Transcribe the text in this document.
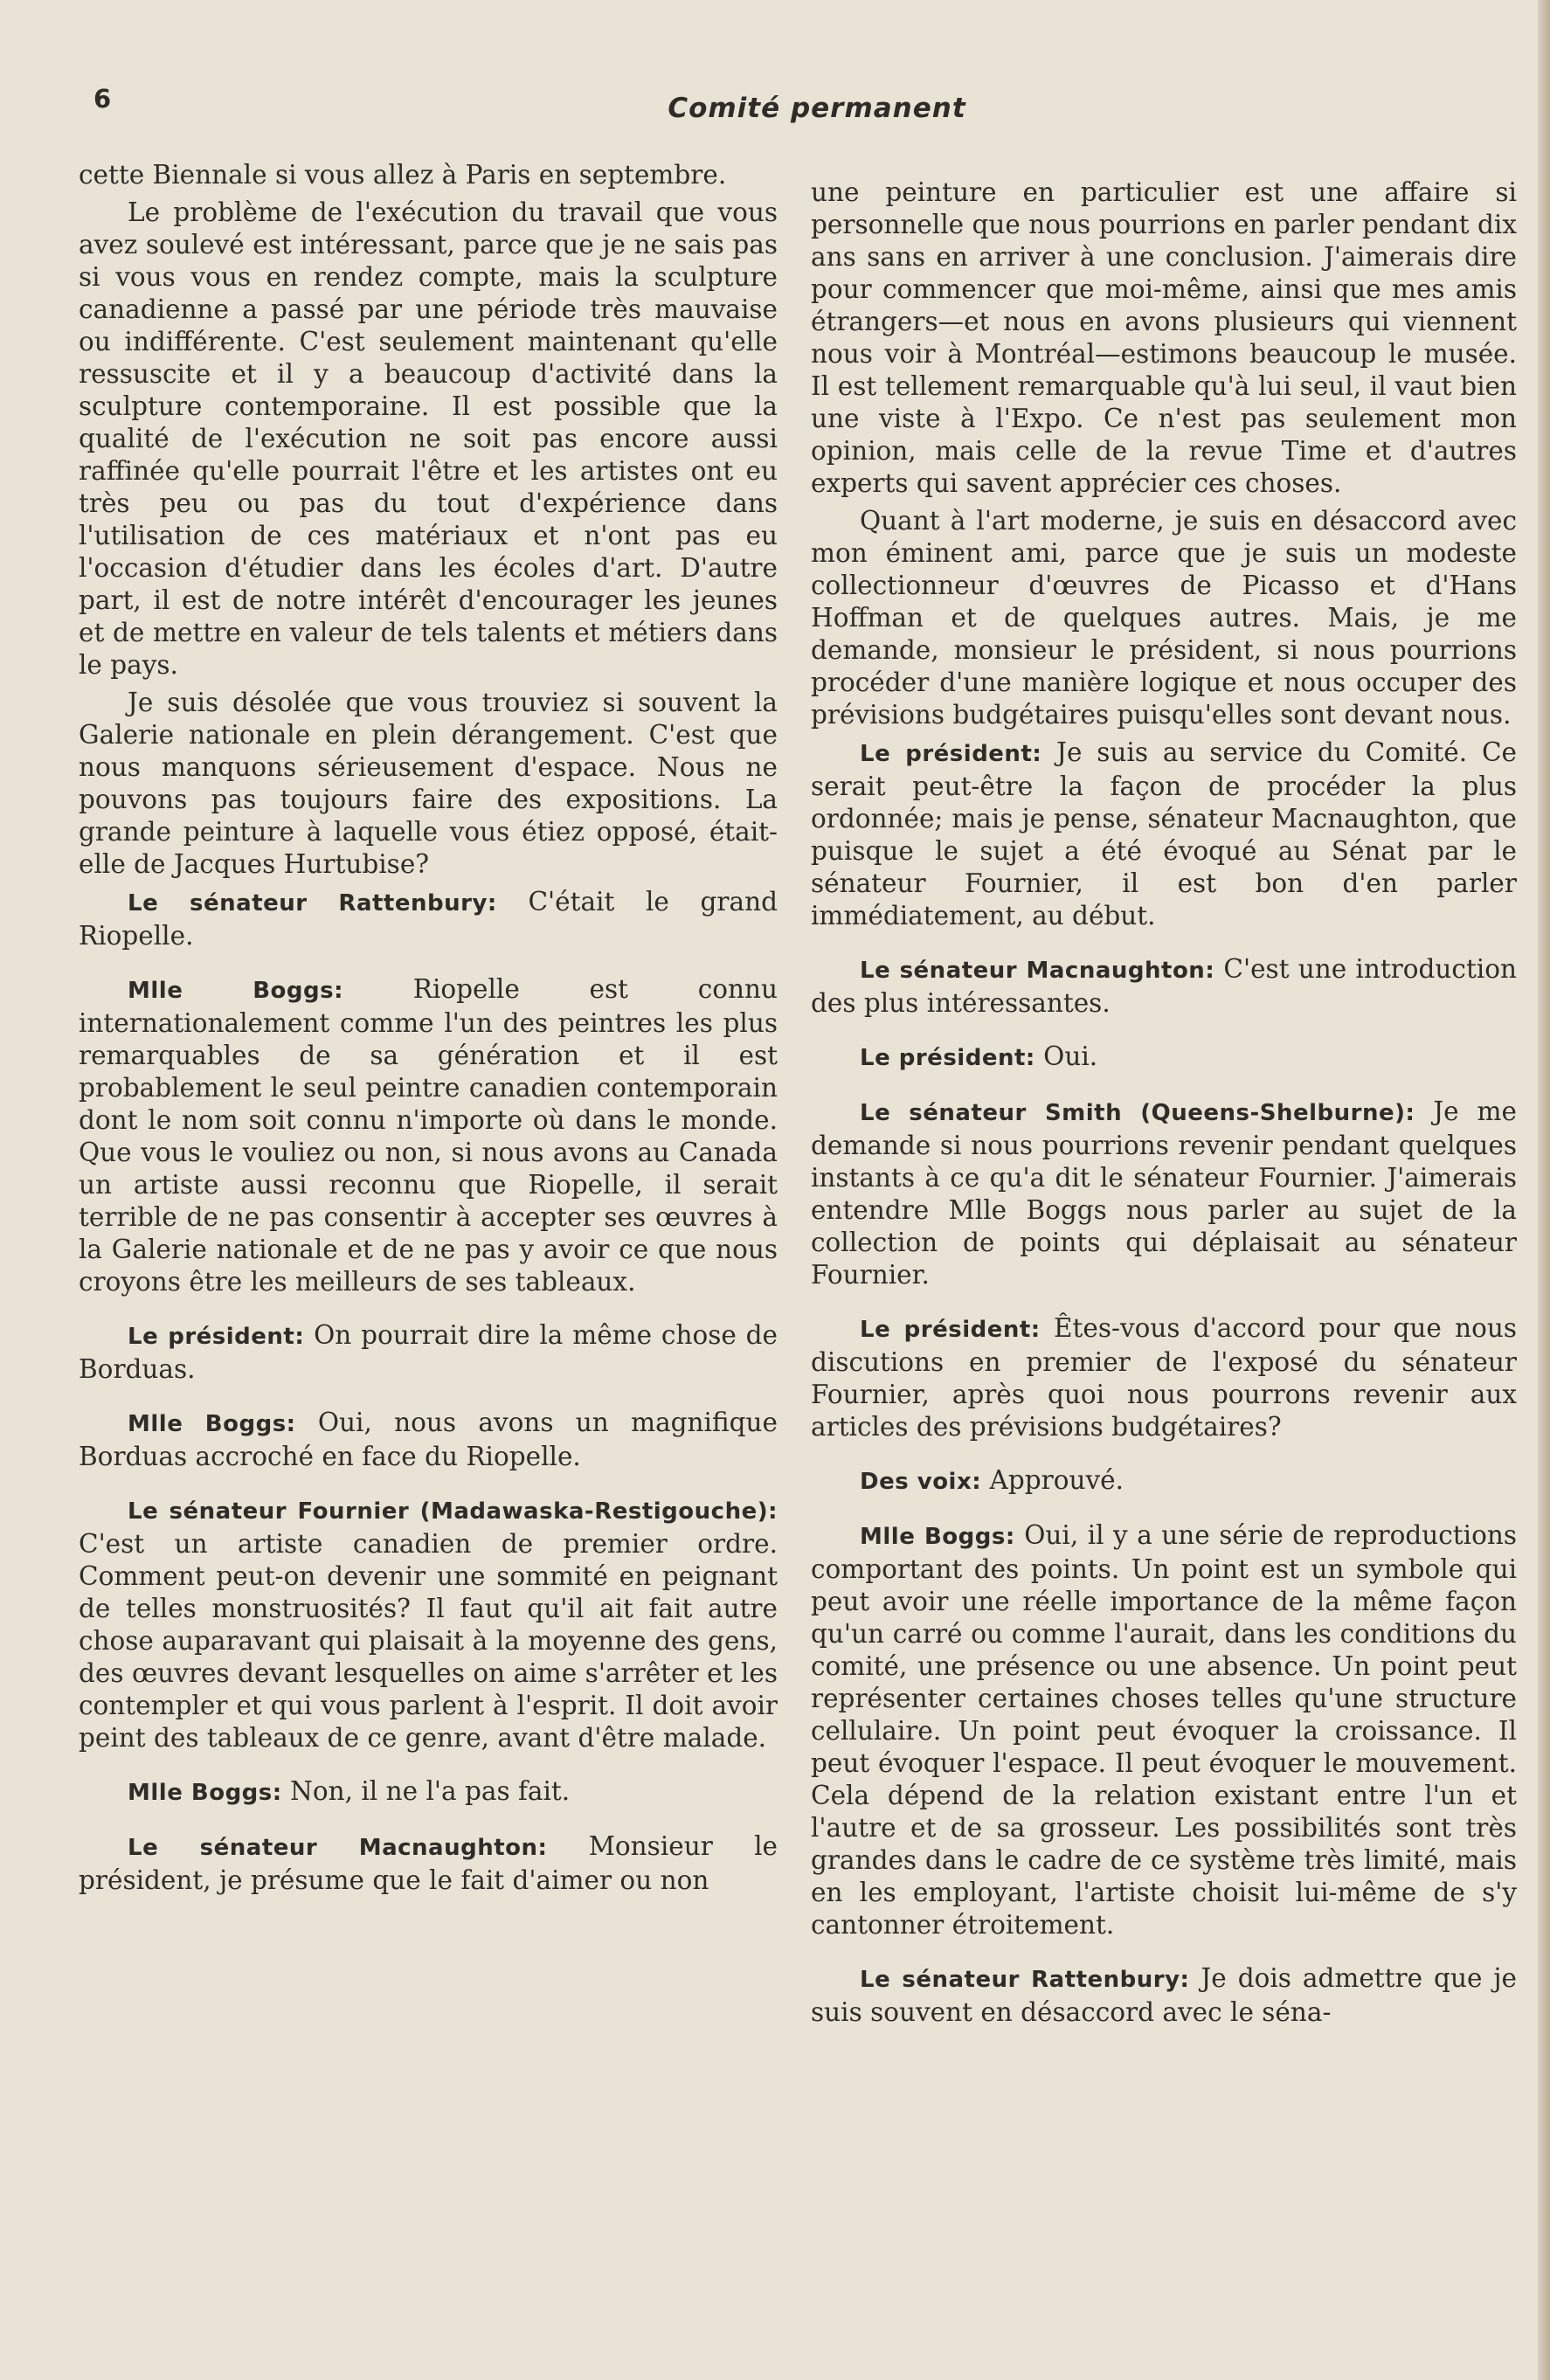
6	Comité permanent

cette Biennale si vous allez à Paris en septembre.

Le problème de l'exécution du travail que vous avez soulevé est intéressant, parce que je ne sais pas si vous vous en rendez compte, mais la sculpture canadienne a passé par une période très mauvaise ou indifférente. C'est seulement maintenant qu'elle ressuscite et il y a beaucoup d'activité dans la sculpture contemporaine. Il est possible que la qualité de l'exécution ne soit pas encore aussi raffinée qu'elle pourrait l'être et les artistes ont eu très peu ou pas du tout d'expérience dans l'utilisation de ces matériaux et n'ont pas eu l'occasion d'étudier dans les écoles d'art. D'autre part, il est de notre intérêt d'encourager les jeunes et de mettre en valeur de tels talents et métiers dans le pays.

Je suis désolée que vous trouviez si souvent la Galerie nationale en plein dérangement. C'est que nous manquons sérieusement d'espace. Nous ne pouvons pas toujours faire des expositions. La grande peinture à laquelle vous étiez opposé, était-elle de Jacques Hurtubise?

Le sénateur Rattenbury: C'était le grand Riopelle.

Mlle Boggs: Riopelle est connu internationalement comme l'un des peintres les plus remarquables de sa génération et il est probablement le seul peintre canadien contemporain dont le nom soit connu n'importe où dans le monde. Que vous le vouliez ou non, si nous avons au Canada un artiste aussi reconnu que Riopelle, il serait terrible de ne pas consentir à accepter ses œuvres à la Galerie nationale et de ne pas y avoir ce que nous croyons être les meilleurs de ses tableaux.

Le président: On pourrait dire la même chose de Borduas.

Mlle Boggs: Oui, nous avons un magnifique Borduas accroché en face du Riopelle.

Le sénateur Fournier (Madawaska-Restigouche): C'est un artiste canadien de premier ordre. Comment peut-on devenir une sommité en peignant de telles monstruosités? Il faut qu'il ait fait autre chose auparavant qui plaisait à la moyenne des gens, des œuvres devant lesquelles on aime s'arrêter et les contempler et qui vous parlent à l'esprit. Il doit avoir peint des tableaux de ce genre, avant d'être malade.

Mlle Boggs: Non, il ne l'a pas fait.

Le sénateur Macnaughton: Monsieur le président, je présume que le fait d'aimer ou non

une peinture en particulier est une affaire si personnelle que nous pourrions en parler pendant dix ans sans en arriver à une conclusion. J'aimerais dire pour commencer que moi-même, ainsi que mes amis étrangers—et nous en avons plusieurs qui viennent nous voir à Montréal—estimons beaucoup le musée. Il est tellement remarquable qu'à lui seul, il vaut bien une viste à l'Expo. Ce n'est pas seulement mon opinion, mais celle de la revue Time et d'autres experts qui savent apprécier ces choses.

Quant à l'art moderne, je suis en désaccord avec mon éminent ami, parce que je suis un modeste collectionneur d'œuvres de Picasso et d'Hans Hoffman et de quelques autres. Mais, je me demande, monsieur le président, si nous pourrions procéder d'une manière logique et nous occuper des prévisions budgétaires puisqu'elles sont devant nous.

Le président: Je suis au service du Comité. Ce serait peut-être la façon de procéder la plus ordonnée; mais je pense, sénateur Macnaughton, que puisque le sujet a été évoqué au Sénat par le sénateur Fournier, il est bon d'en parler immédiatement, au début.

Le sénateur Macnaughton: C'est une introduction des plus intéressantes.

Le président: Oui.

Le sénateur Smith (Queens-Shelburne): Je me demande si nous pourrions revenir pendant quelques instants à ce qu'a dit le sénateur Fournier. J'aimerais entendre Mlle Boggs nous parler au sujet de la collection de points qui déplaisait au sénateur Fournier.

Le président: Êtes-vous d'accord pour que nous discutions en premier de l'exposé du sénateur Fournier, après quoi nous pourrons revenir aux articles des prévisions budgétaires?

Des voix: Approuvé.

Mlle Boggs: Oui, il y a une série de reproductions comportant des points. Un point est un symbole qui peut avoir une réelle importance de la même façon qu'un carré ou comme l'aurait, dans les conditions du comité, une présence ou une absence. Un point peut représenter certaines choses telles qu'une structure cellulaire. Un point peut évoquer la croissance. Il peut évoquer l'espace. Il peut évoquer le mouvement. Cela dépend de la relation existant entre l'un et l'autre et de sa grosseur. Les possibilités sont très grandes dans le cadre de ce système très limité, mais en les employant, l'artiste choisit lui-même de s'y cantonner étroitement.

Le sénateur Rattenbury: Je dois admettre que je suis souvent en désaccord avec le séna-
